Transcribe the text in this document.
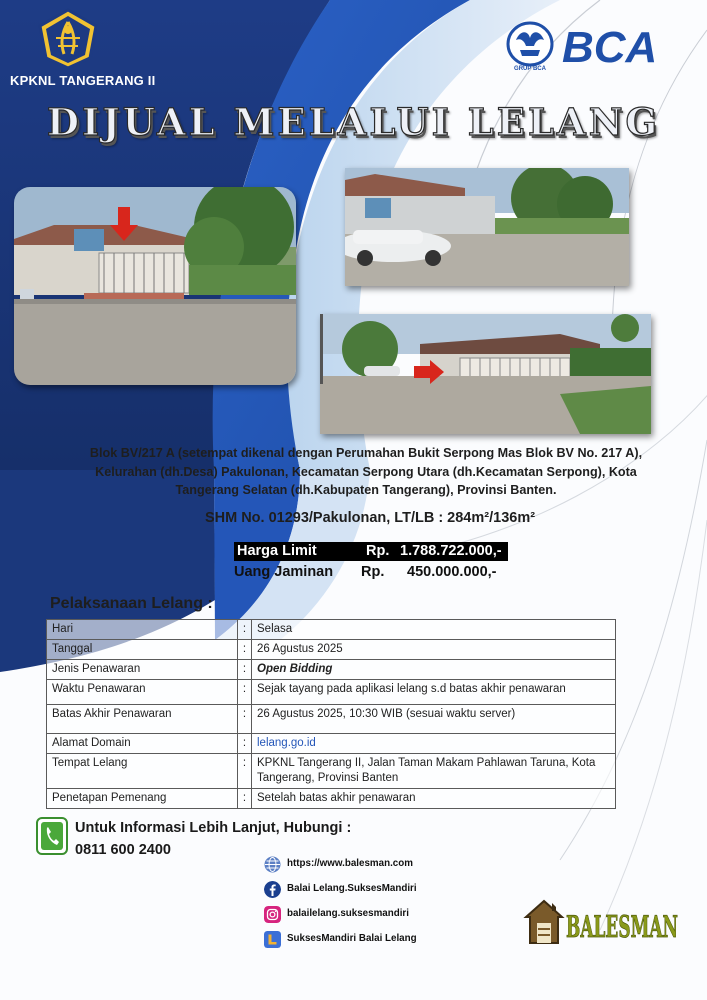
KPKNL TANGERANG II
GRUP BCA BCA
DIJUAL MELALUI LELANG
Blok BV/217 A (setempat dikenal dengan Perumahan Bukit Serpong Mas Blok BV No. 217 A), Kelurahan (dh.Desa) Pakulonan, Kecamatan Serpong Utara (dh.Kecamatan Serpong), Kota Tangerang Selatan (dh.Kabupaten Tangerang), Provinsi Banten.
SHM No. 01293/Pakulonan, LT/LB : 284m²/136m²
Harga Limit	Rp. 1.788.722.000,-
Uang Jaminan Rp. 450.000.000,-
Pelaksanaan Lelang :
Hari	:	Selasa
Tanggal	:	26 Agustus 2025
Jenis Penawaran	:	Open Bidding
Waktu Penawaran	:	Sejak tayang pada aplikasi lelang s.d batas akhir penawaran
Batas Akhir Penawaran	:	26 Agustus 2025, 10:30 WIB (sesuai waktu server)
Alamat Domain	:	lelang.go.id
Tempat Lelang	:	KPKNL Tangerang II, Jalan Taman Makam Pahlawan Taruna, Kota Tangerang, Provinsi Banten
Penetapan Pemenang	:	Setelah batas akhir penawaran
Untuk Informasi Lebih Lanjut, Hubungi :
0811 600 2400
https://www.balesman.com
Balai Lelang.SuksesMandiri
balailelang.suksesmandiri
SuksesMandiri Balai Lelang	BALESMAN
